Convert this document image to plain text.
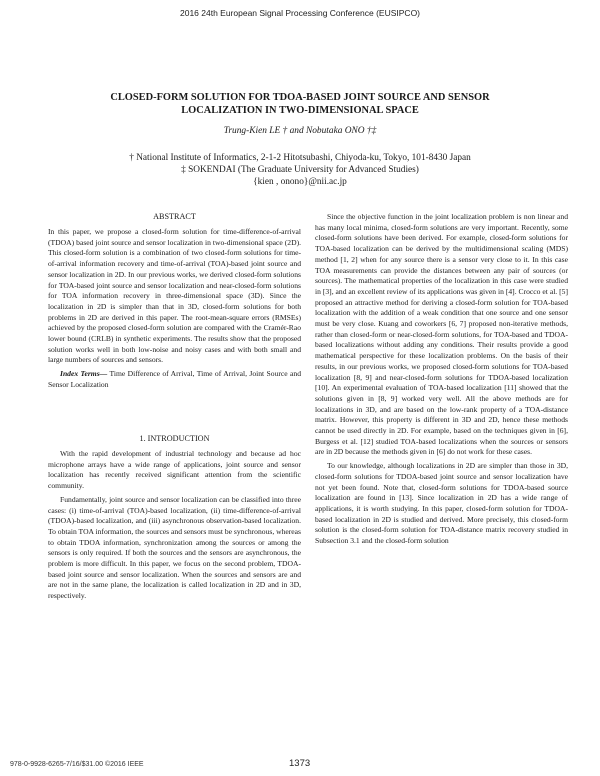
2016 24th European Signal Processing Conference (EUSIPCO)
CLOSED-FORM SOLUTION FOR TDOA-BASED JOINT SOURCE AND SENSOR
LOCALIZATION IN TWO-DIMENSIONAL SPACE
Trung-Kien LE † and Nobutaka ONO †‡
† National Institute of Informatics, 2-1-2 Hitotsubashi, Chiyoda-ku, Tokyo, 101-8430 Japan
‡ SOKENDAI (The Graduate University for Advanced Studies)
{kien , onono}@nii.ac.jp
ABSTRACT

In this paper, we propose a closed-form solution for time-difference-of-arrival (TDOA) based joint source and sensor localization in two-dimensional space (2D). This closed-form solution is a combination of two closed-form solutions for time-of-arrival information recovery and time-of-arrival (TOA)-based joint source and sensor localization in 2D. In our previous works, we derived closed-form solutions for TOA-based joint source and sensor localization and near-closed-form solutions for TOA information recovery in three-dimensional space (3D). Since the localization in 2D is simpler than that in 3D, closed-form solutions for both problems in 2D are derived in this paper. The root-mean-square errors (RMSEs) achieved by the proposed closed-form solution are compared with the Cramér-Rao lower bound (CRLB) in synthetic experiments. The results show that the proposed solution works well in both low-noise and noisy cases and with both small and large numbers of sources and sensors.

Index Terms— Time Difference of Arrival, Time of Arrival, Joint Source and Sensor Localization

1. INTRODUCTION

With the rapid development of industrial technology and because ad hoc microphone arrays have a wide range of applications, joint source and sensor localization has recently received significant attention from the scientific community.

Fundamentally, joint source and sensor localization can be classified into three cases: (i) time-of-arrival (TOA)-based localization, (ii) time-difference-of-arrival (TDOA)-based localization, and (iii) asynchronous observation-based localization. To obtain TOA information, the sources and sensors must be synchronous, whereas to obtain TDOA information, synchronization among the sources or among the sensors is only required. If both the sources and the sensors are asynchronous, the problem is more difficult. In this paper, we focus on the second problem, TDOA-based joint source and sensor localization. When the sources and sensors are and are not in the same plane, the localization is called localization in 2D and in 3D, respectively.

Since the objective function in the joint localization problem is non linear and has many local minima, closed-form solutions are very important. Recently, some closed-form solutions have been derived. For example, closed-form solutions for TOA-based localization can be derived by the multidimensional scaling (MDS) method [1, 2] when for any source there is a sensor very close to it. In this case TOA measurements can provide the distances between any pair of sources (or sources). The mathematical properties of the localization in this case were studied in [3], and an excellent review of its applications was given in [4]. Crocco et al. [5] proposed an attractive method for deriving a closed-form solution for TOA-based localization with the addition of a weak condition that one source and one sensor must be very close. Kuang and coworkers [6, 7] proposed non-iterative methods, rather than closed-form or near-closed-form solutions, for TOA-based and TDOA-based localizations without adding any conditions. Their results provide a good mathematical perspective for these localization problems. On the basis of their results, in our previous works, we proposed closed-form solutions for TOA-based localization [8, 9] and near-closed-form solutions for TDOA-based localization [10]. An experimental evaluation of TOA-based localization [11] showed that the solutions given in [8, 9] worked very well. All the above methods are for localizations in 3D, and are based on the low-rank property of a TOA-distance matrix. However, this property is different in 3D and 2D, hence these methods cannot be used directly in 2D. For example, based on the techniques given in [6], Burgess et al. [12] studied TOA-based localizations when the sources or sensors are in 2D because the methods given in [6] do not work for these cases.

To our knowledge, although localizations in 2D are simpler than those in 3D, closed-form solutions for TDOA-based joint source and sensor localization have not yet been found. Note that, closed-form solutions for TDOA-based source localization are found in [13]. Since localization in 2D has a wide range of applications, it is worth studying. In this paper, closed-form solution for TDOA-based localization in 2D is studied and derived. More precisely, this closed-form solution is the closed-form solution for TOA-distance matrix recovery studied in Subsection 3.1 and the closed-form solution

978-0-9928-6265-7/16/$31.00 ©2016 IEEE	1373
